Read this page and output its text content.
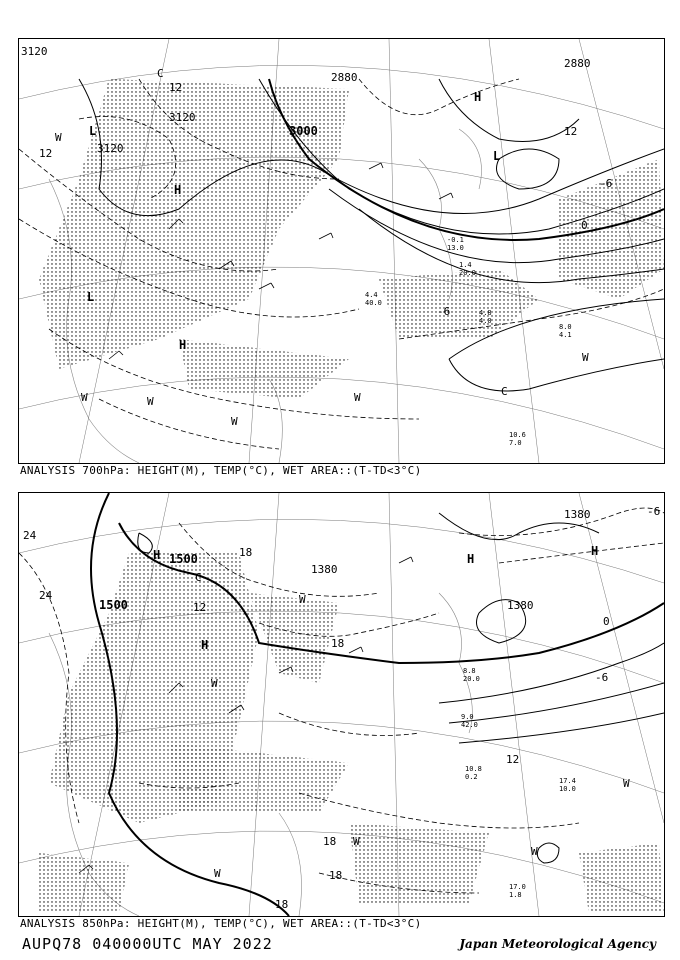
3120
3120
3120
3000
2880
2880
12
12
-6
0
-6
12
L
L
H
H
L
H
W
W	W
W
W
W
C
C
8.0 4.1
10.6 7.0
4.4 40.0
1.4 20.0
-0.1 13.0
4.8 4.0
ANALYSIS 700hPa: HEIGHT(M), TEMP(°C), WET AREA::(T-TD<3°C)
1500
1500
1380
1380
1380
24
24
12
18
18
12
0
-6
-6
18
18
18
H
H
H
H
W
W
W
W
W
W
C
8.8 20.0
9.0 42.0
10.8 0.2	17.4 10.0
17.0 1.8
ANALYSIS 850hPa: HEIGHT(M), TEMP(°C), WET AREA::(T-TD<3°C)
AUPQ78 040000UTC MAY 2022	Japan Meteorological Agency
